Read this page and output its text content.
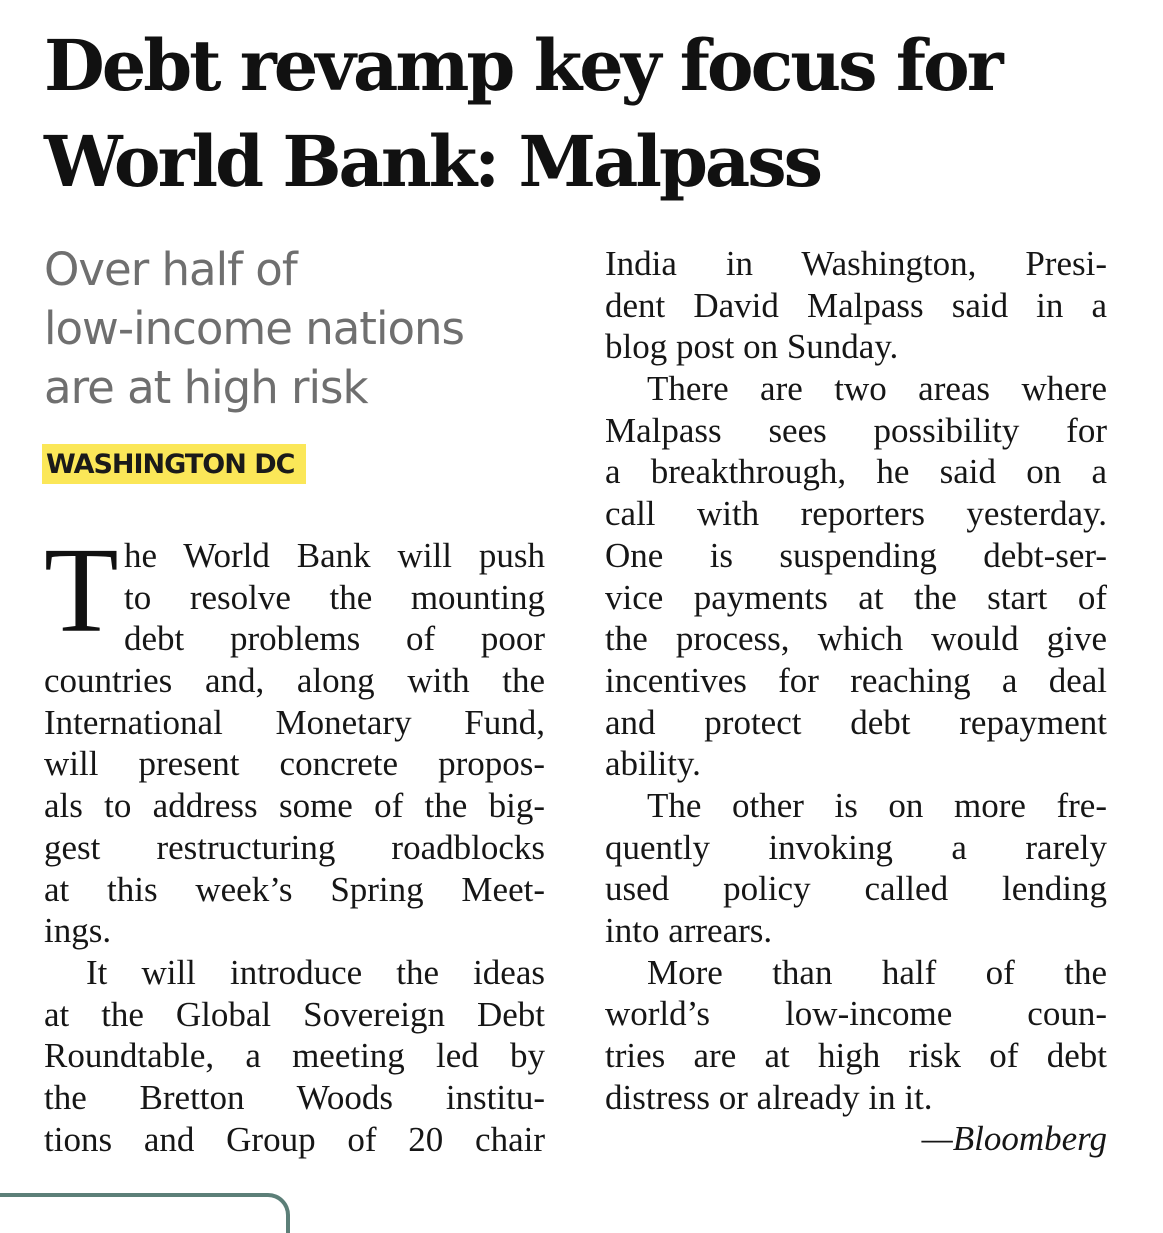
Debt revamp key focus for
World Bank: Malpass
Over half of
low-income nations
are at high risk
WASHINGTON DC
T he World Bank will push
to resolve the mounting
debt problems of poor
countries and, along with the
International Monetary Fund,
will present concrete propos-
als to address some of the big-
gest restructuring roadblocks
at this week’s Spring Meet-
ings.
It will introduce the ideas
at the Global Sovereign Debt
Roundtable, a meeting led by
the Bretton Woods institu-
tions and Group of 20 chair
India in Washington, Presi-
dent David Malpass said in a
blog post on Sunday.
There are two areas where
Malpass sees possibility for
a breakthrough, he said on a
call with reporters yesterday.
One is suspending debt-ser-
vice payments at the start of
the process, which would give
incentives for reaching a deal
and protect debt repayment
ability.
The other is on more fre-
quently invoking a rarely
used policy called lending
into arrears.
More than half of the
world’s low-income coun-
tries are at high risk of debt
distress or already in it.
—Bloomberg
